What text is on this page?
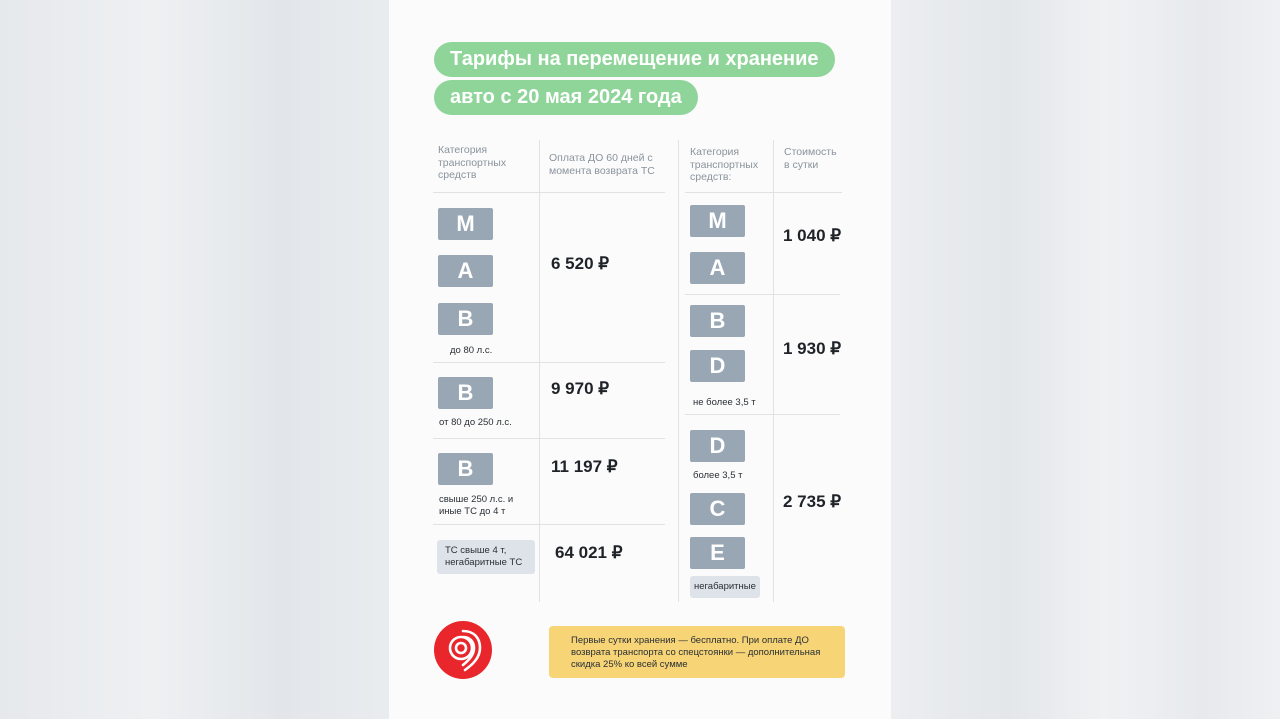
Тарифы на перемещение и хранение
авто с 20 мая 2024 года
Категория транспортных средств
Оплата ДО 60 дней с момента возврата ТС
Категория транспортных средств:
Стоимость в сутки
M
A
B
до 80 л.с.
6 520 ₽
B
от 80 до 250 л.с.
9 970 ₽
B
свыше 250 л.с. и иные ТС до 4 т
11 197 ₽
ТС свыше 4 т, негабаритные ТС
64 021 ₽
M
A
1 040 ₽
B
D
не более 3,5 т
1 930 ₽
D
более 3,5 т
C
E
негабаритные
2 735 ₽
Первые сутки хранения — бесплатно. При оплате ДО возврата транспорта со спецстоянки — дополнительная скидка 25% ко всей сумме
